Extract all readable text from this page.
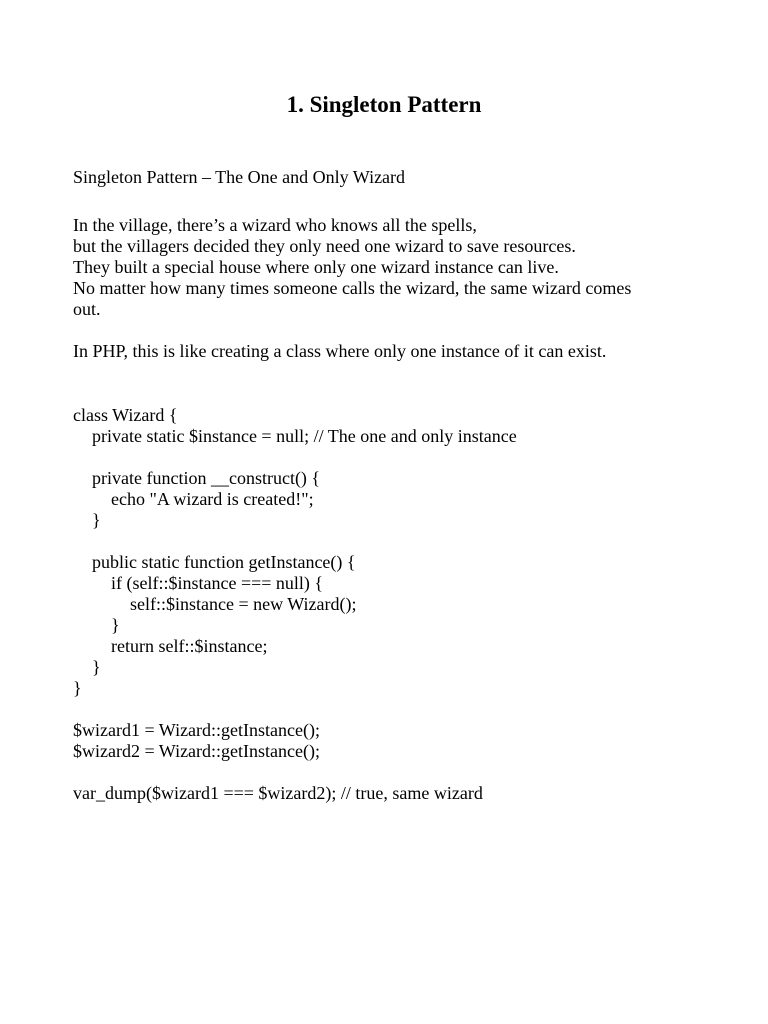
1. Singleton Pattern

Singleton Pattern – The One and Only Wizard

In the village, there’s a wizard who knows all the spells,

but the villagers decided they only need one wizard to save resources.

They built a special house where only one wizard instance can live.

No matter how many times someone calls the wizard, the same wizard comes

out.

In PHP, this is like creating a class where only one instance of it can exist.

class Wizard {

private static $instance = null; // The one and only instance

private function __construct() {

echo "A wizard is created!";

}

public static function getInstance() {

if (self::$instance === null) {

self::$instance = new Wizard();

}

return self::$instance;

}

}

$wizard1 = Wizard::getInstance();

$wizard2 = Wizard::getInstance();

var_dump($wizard1 === $wizard2); // true, same wizard
